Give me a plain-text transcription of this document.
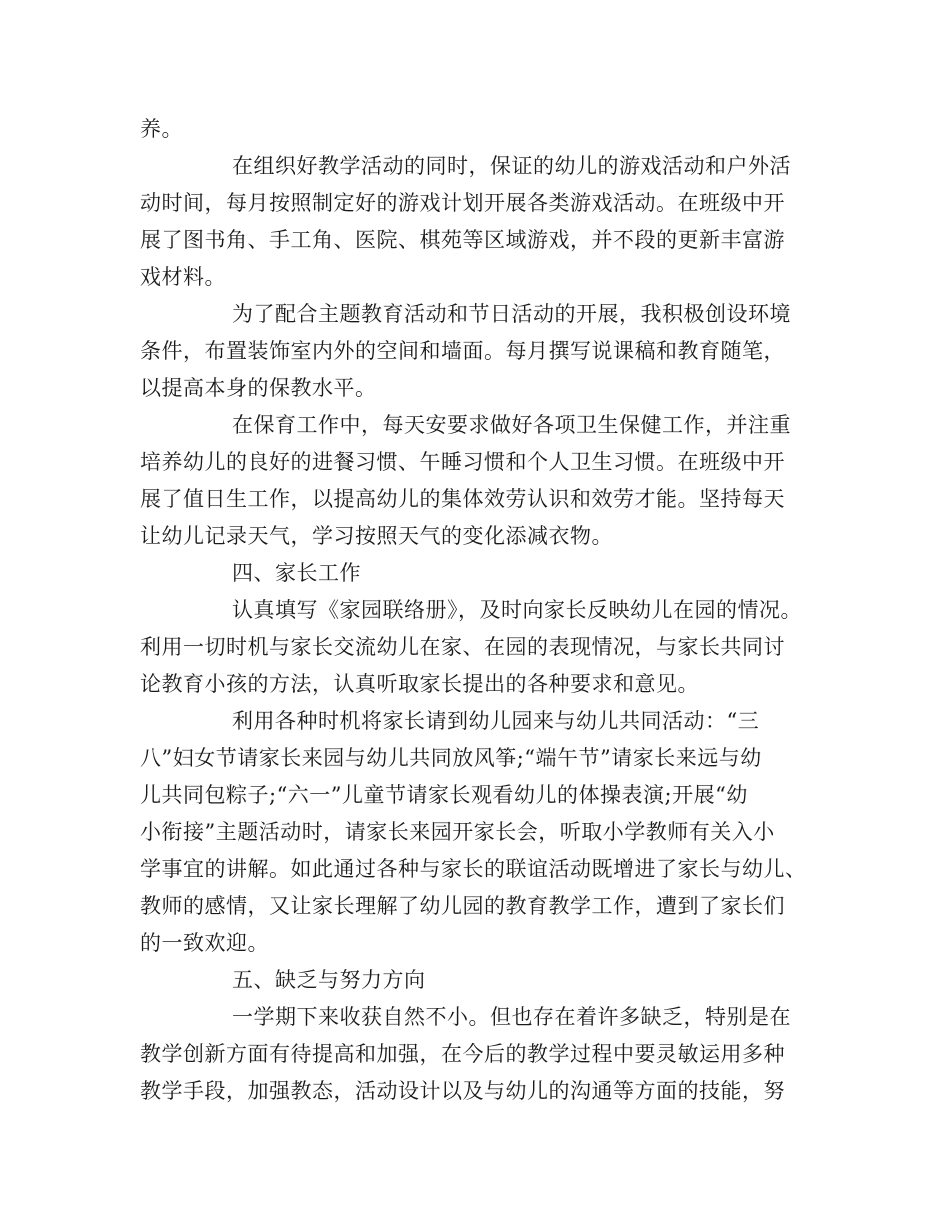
养。
在组织好教学活动的同时，保证的幼儿的游戏活动和户外活
动时间，每月按照制定好的游戏计划开展各类游戏活动。在班级中开
展了图书角、手工角、医院、棋苑等区域游戏，并不段的更新丰富游
戏材料。
为了配合主题教育活动和节日活动的开展，我积极创设环境
条件，布置装饰室内外的空间和墙面。每月撰写说课稿和教育随笔，
以提高本身的保教水平。
在保育工作中，每天安要求做好各项卫生保健工作，并注重
培养幼儿的良好的进餐习惯、午睡习惯和个人卫生习惯。在班级中开
展了值日生工作，以提高幼儿的集体效劳认识和效劳才能。坚持每天
让幼儿记录天气，学习按照天气的变化添减衣物。
四、家长工作
认真填写《家园联络册》，及时向家长反映幼儿在园的情况。
利用一切时机与家长交流幼儿在家、在园的表现情况，与家长共同讨
论教育小孩的方法，认真听取家长提出的各种要求和意见。
利用各种时机将家长请到幼儿园来与幼儿共同活动：“三
八”妇女节请家长来园与幼儿共同放风筝;“端午节”请家长来远与幼
儿共同包粽子;“六一”儿童节请家长观看幼儿的体操表演;开展“幼
小衔接”主题活动时，请家长来园开家长会，听取小学教师有关入小
学事宜的讲解。如此通过各种与家长的联谊活动既增进了家长与幼儿、
教师的感情，又让家长理解了幼儿园的教育教学工作，遭到了家长们
的一致欢迎。
五、缺乏与努力方向
一学期下来收获自然不小。但也存在着许多缺乏，特别是在
教学创新方面有待提高和加强，在今后的教学过程中要灵敏运用多种
教学手段，加强教态，活动设计以及与幼儿的沟通等方面的技能，努
